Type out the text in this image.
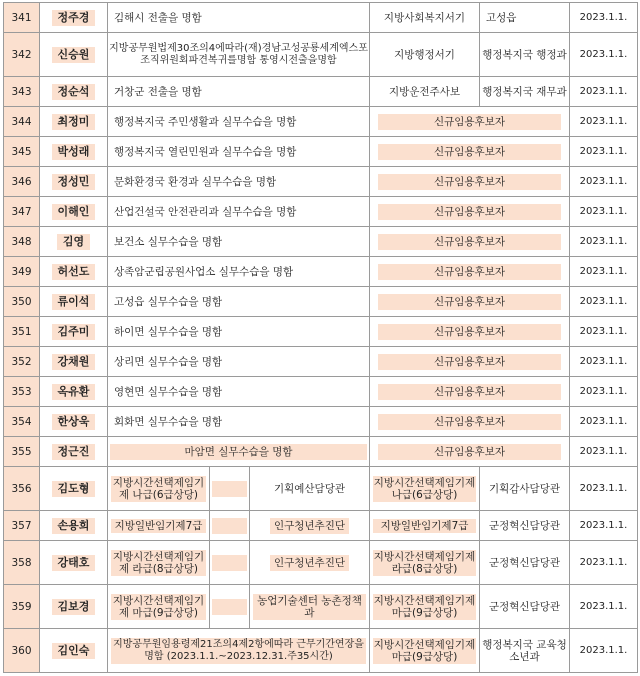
341	정주경	김해시 전출을 명함			지방사회복지서기	고성읍	2023.1.1.
342	신승원	지방공무원법제30조의4에따라(재)경남고성공룡세계엑스포조직위원회파견복귀를명함 통영시전출을명함			지방행정서기	행정복지국 행정과	2023.1.1.
343	정순석	거창군 전출을 명함			지방운전주사보	행정복지국 재무과	2023.1.1.
344	최정미	행정복지국 주민생활과 실무수습을 명함			신규임용후보자		2023.1.1.
345	박성래	행정복지국 열린민원과 실무수습을 명함			신규임용후보자		2023.1.1.
346	정성민	문화환경국 환경과 실무수습을 명함			신규임용후보자		2023.1.1.
347	이해인	산업건설국 안전관리과 실무수습을 명함			신규임용후보자		2023.1.1.
348	김영	보건소 실무수습을 명함			신규임용후보자		2023.1.1.
349	허선도	상족암군립공원사업소 실무수습을 명함			신규임용후보자		2023.1.1.
350	류이석	고성읍 실무수습을 명함			신규임용후보자		2023.1.1.
351	김주미	하이면 실무수습을 명함			신규임용후보자		2023.1.1.
352	강채원	상리면 실무수습을 명함			신규임용후보자		2023.1.1.
353	옥유환	영현면 실무수습을 명함			신규임용후보자		2023.1.1.
354	한상욱	회화면 실무수습을 명함			신규임용후보자		2023.1.1.
355	정근진	마암면 실무수습을 명함			신규임용후보자		2023.1.1.
356	김도형	지방시간선택제임기제 나급(6급상당)		기획예산담당관	지방시간선택제임기제 나급(6급상당)	기획감사담당관	2023.1.1.
357	손용희	지방일반임기제7급		인구청년추진단	지방일반임기제7급	군정혁신담당관	2023.1.1.
358	강태호	지방시간선택제임기제 라급(8급상당)		인구청년추진단	지방시간선택제임기제 라급(8급상당)	군정혁신담당관	2023.1.1.
359	김보경	지방시간선택제임기제 마급(9급상당)		농업기술센터 농촌정책과	지방시간선택제임기제 마급(9급상당)	군정혁신담당관	2023.1.1.
360	김인숙	지방공무원임용령제21조의4제2항에따라 근무기간연장을명함 (2023.1.1.~2023.12.31.주35시간)			지방시간선택제임기제 마급(9급상당)	행정복지국 교육청소년과	2023.1.1.
